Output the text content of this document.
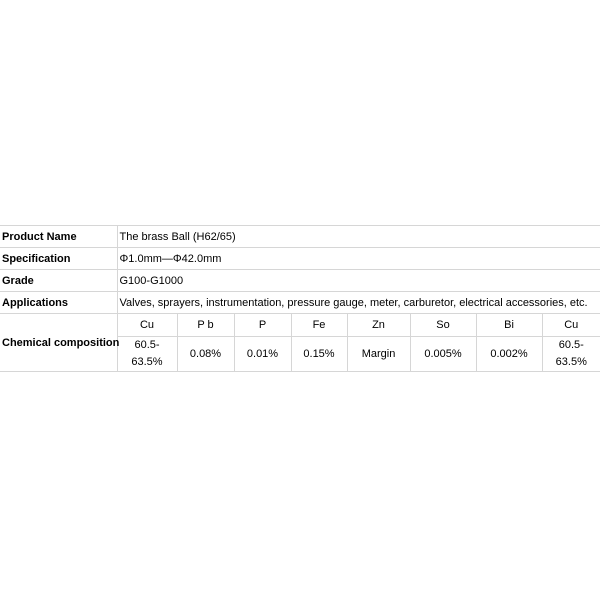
Product Name	The brass Ball (H62/65)							
Specification	Φ1.0mm—Φ42.0mm							
Grade	G100-G1000							
Applications	Valves, sprayers, instrumentation, pressure gauge, meter, carburetor, electrical accessories, etc.							
Chemical composition	Cu	P b	P	Fe	Zn	So	Bi	Cu
	60.5-63.5%	0.08%	0.01%	0.15%	Margin	0.005%	0.002%	60.5-63.5%
